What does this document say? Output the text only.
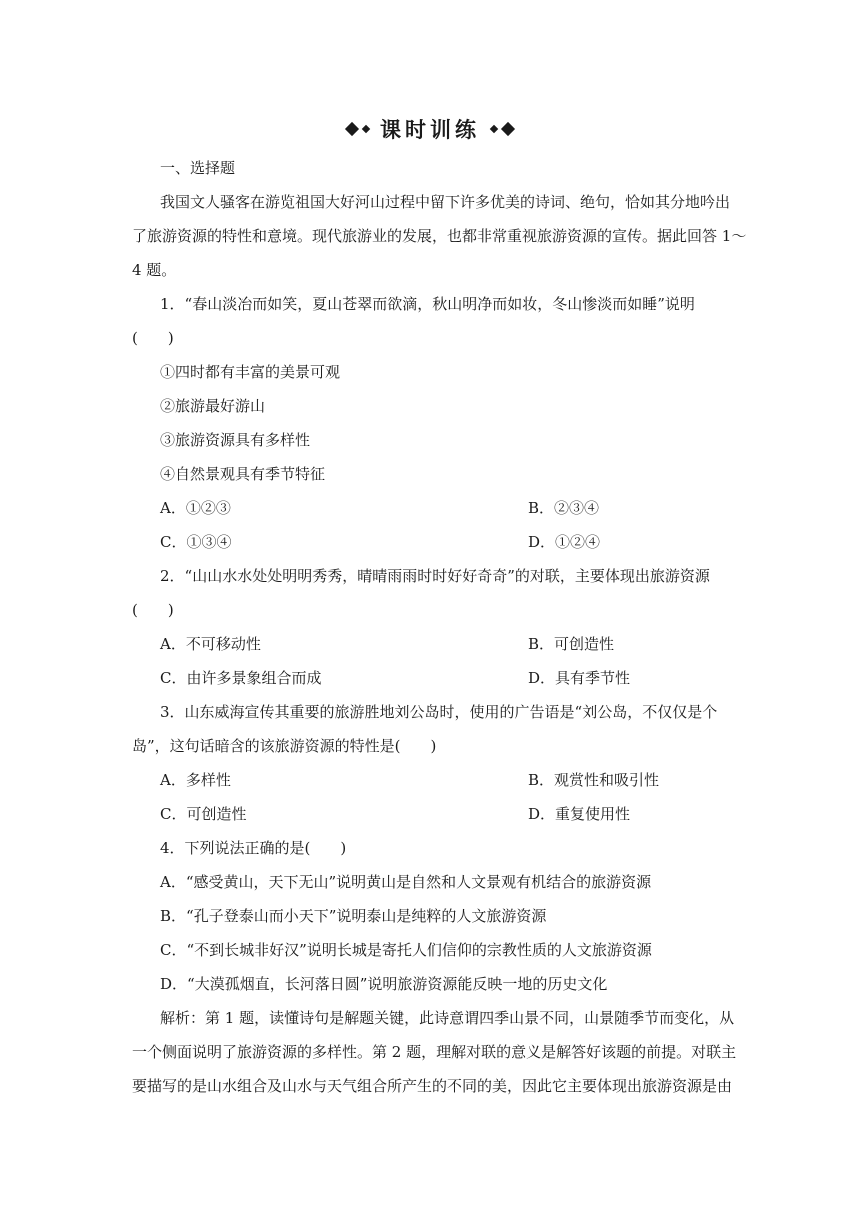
课时训练
一、选择题
我国文人骚客在游览祖国大好河山过程中留下许多优美的诗词、绝句，恰如其分地吟出
了旅游资源的特性和意境。现代旅游业的发展，也都非常重视旅游资源的宣传。据此回答 1～
4 题。
1．“春山淡冶而如笑，夏山苍翠而欲滴，秋山明净而如妆，冬山惨淡而如睡”说明
(　　)
①四时都有丰富的美景可观
②旅游最好游山
③旅游资源具有多样性
④自然景观具有季节特征
A．①②③	B．②③④
C．①③④	D．①②④
2．“山山水水处处明明秀秀，晴晴雨雨时时好好奇奇”的对联，主要体现出旅游资源
(　　)
A．不可移动性	B．可创造性
C．由许多景象组合而成	D．具有季节性
3．山东威海宣传其重要的旅游胜地刘公岛时，使用的广告语是“刘公岛，不仅仅是个
岛”，这句话暗含的该旅游资源的特性是(　　)
A．多样性	B．观赏性和吸引性
C．可创造性	D．重复使用性
4．下列说法正确的是(　　)
A．“感受黄山，天下无山”说明黄山是自然和人文景观有机结合的旅游资源
B．“孔子登泰山而小天下”说明泰山是纯粹的人文旅游资源
C．“不到长城非好汉”说明长城是寄托人们信仰的宗教性质的人文旅游资源
D．“大漠孤烟直，长河落日圆”说明旅游资源能反映一地的历史文化
解析：第 1 题，读懂诗句是解题关键，此诗意谓四季山景不同，山景随季节而变化，从
一个侧面说明了旅游资源的多样性。第 2 题，理解对联的意义是解答好该题的前提。对联主
要描写的是山水组合及山水与天气组合所产生的不同的美，因此它主要体现出旅游资源是由
